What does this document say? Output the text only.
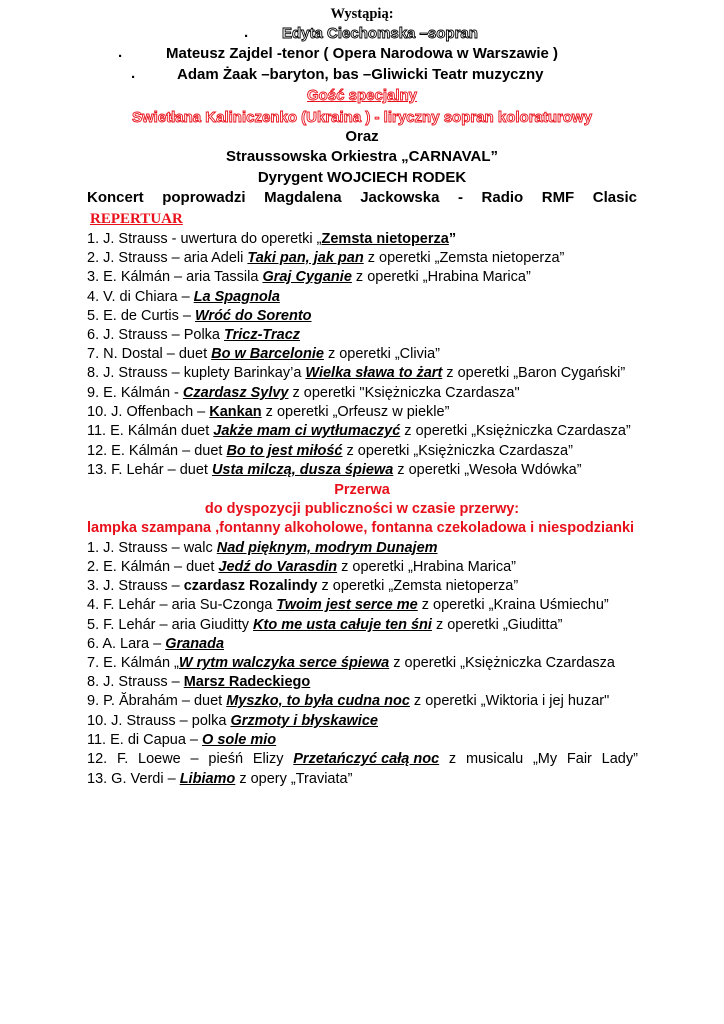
Wystąpią:
. Edyta Ciechomska –sopran
.	Mateusz Zajdel -tenor ( Opera Narodowa w Warszawie )
.	Adam Żaak –baryton, bas –Gliwicki Teatr muzyczny
Gość specjalny
Swietłana Kaliniczenko (Ukraina ) - liryczny sopran koloraturowy
Oraz
Straussowska Orkiestra „CARNAVAL”
Dyrygent WOJCIECH RODEK
Koncert poprowadzi Magdalena Jackowska - Radio RMF Clasic
REPERTUAR
1. J. Strauss - uwertura do operetki „Zemsta nietoperza”
2. J. Strauss – aria Adeli Taki pan, jak pan z operetki „Zemsta nietoperza”
3. E. Kálmán – aria Tassila Graj Cyganie z operetki „Hrabina Marica”
4. V. di Chiara – La Spagnola
5. E. de Curtis – Wróć do Sorento
6. J. Strauss – Polka Tricz-Tracz
7. N. Dostal – duet Bo w Barcelonie z operetki „Clivia”
8. J. Strauss – kuplety Barinkay’a Wielka sława to żart z operetki „Baron Cygański”
9. E. Kálmán - Czardasz Sylvy z operetki "Księżniczka Czardasza"
10. J. Offenbach – Kankan z operetki „Orfeusz w piekle”
11. E. Kálmán duet Jakże mam ci wytłumaczyć z operetki „Księżniczka Czardasza”
12. E. Kálmán – duet Bo to jest miłość z operetki „Księżniczka Czardasza”
13. F. Lehár – duet Usta milczą, dusza śpiewa z operetki „Wesoła Wdówka”
Przerwa
do dyspozycji publiczności w czasie przerwy:
lampka szampana ,fontanny alkoholowe, fontanna czekoladowa i niespodzianki
1. J. Strauss – walc Nad pięknym, modrym Dunajem
2. E. Kálmán – duet Jedź do Varasdin z operetki „Hrabina Marica”
3. J. Strauss – czardasz Rozalindy z operetki „Zemsta nietoperza”
4. F. Lehár – aria Su-Czonga Twoim jest serce me z operetki „Kraina Uśmiechu”
5. F. Lehár – aria Giuditty Kto me usta całuje ten śni z operetki „Giuditta”
6. A. Lara – Granada
7. E. Kálmán „W rytm walczyka serce śpiewa z operetki „Księżniczka Czardasza
8. J. Strauss – Marsz Radeckiego
9. P. Ăbrahám – duet Myszko, to była cudna noc z operetki „Wiktoria i jej huzar"
10. J. Strauss – polka Grzmoty i błyskawice
11. E. di Capua – O sole mio
12. F. Loewe – pieśń Elizy Przetańczyć całą noc z musicalu „My Fair Lady”
13. G. Verdi – Libiamo z opery „Traviata”
